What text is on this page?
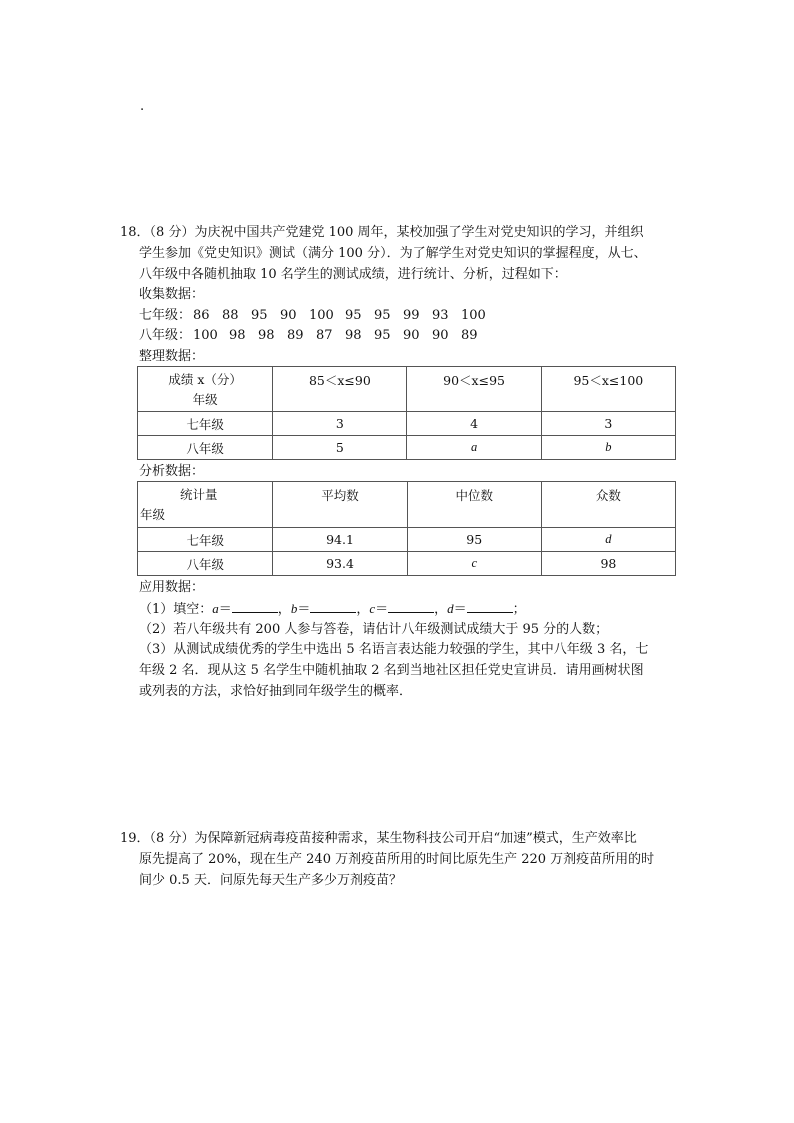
.
18．（8 分）为庆祝中国共产党建党 100 周年，某校加强了学生对党史知识的学习，并组织
学生参加《党史知识》测试（满分 100 分）．为了解学生对党史知识的掌握程度，从七、
八年级中各随机抽取 10 名学生的测试成绩，进行统计、分析，过程如下：
收集数据：
七年级： 86 88 95 90 100 95 95 99 93 100
八年级： 100 98 98 89 87 98 95 90 90 89
整理数据：
成绩 x（分）
年级	85＜x≤90	90＜x≤95	95＜x≤100
七年级	3	4	3
八年级	5	a	b
分析数据：
统计量
年级	平均数	中位数	众数
七年级	94.1	95	d
八年级	93.4	c	98
应用数据：
（1）填空：a＝	，b＝	，c＝	，d＝	；
（2）若八年级共有 200 人参与答卷，请估计八年级测试成绩大于 95 分的人数；
（3）从测试成绩优秀的学生中选出 5 名语言表达能力较强的学生，其中八年级 3 名，七
年级 2 名．现从这 5 名学生中随机抽取 2 名到当地社区担任党史宣讲员．请用画树状图
或列表的方法，求恰好抽到同年级学生的概率．
19．（8 分）为保障新冠病毒疫苗接种需求，某生物科技公司开启“加速”模式，生产效率比
原先提高了 20%，现在生产 240 万剂疫苗所用的时间比原先生产 220 万剂疫苗所用的时
间少 0.5 天．问原先每天生产多少万剂疫苗？
